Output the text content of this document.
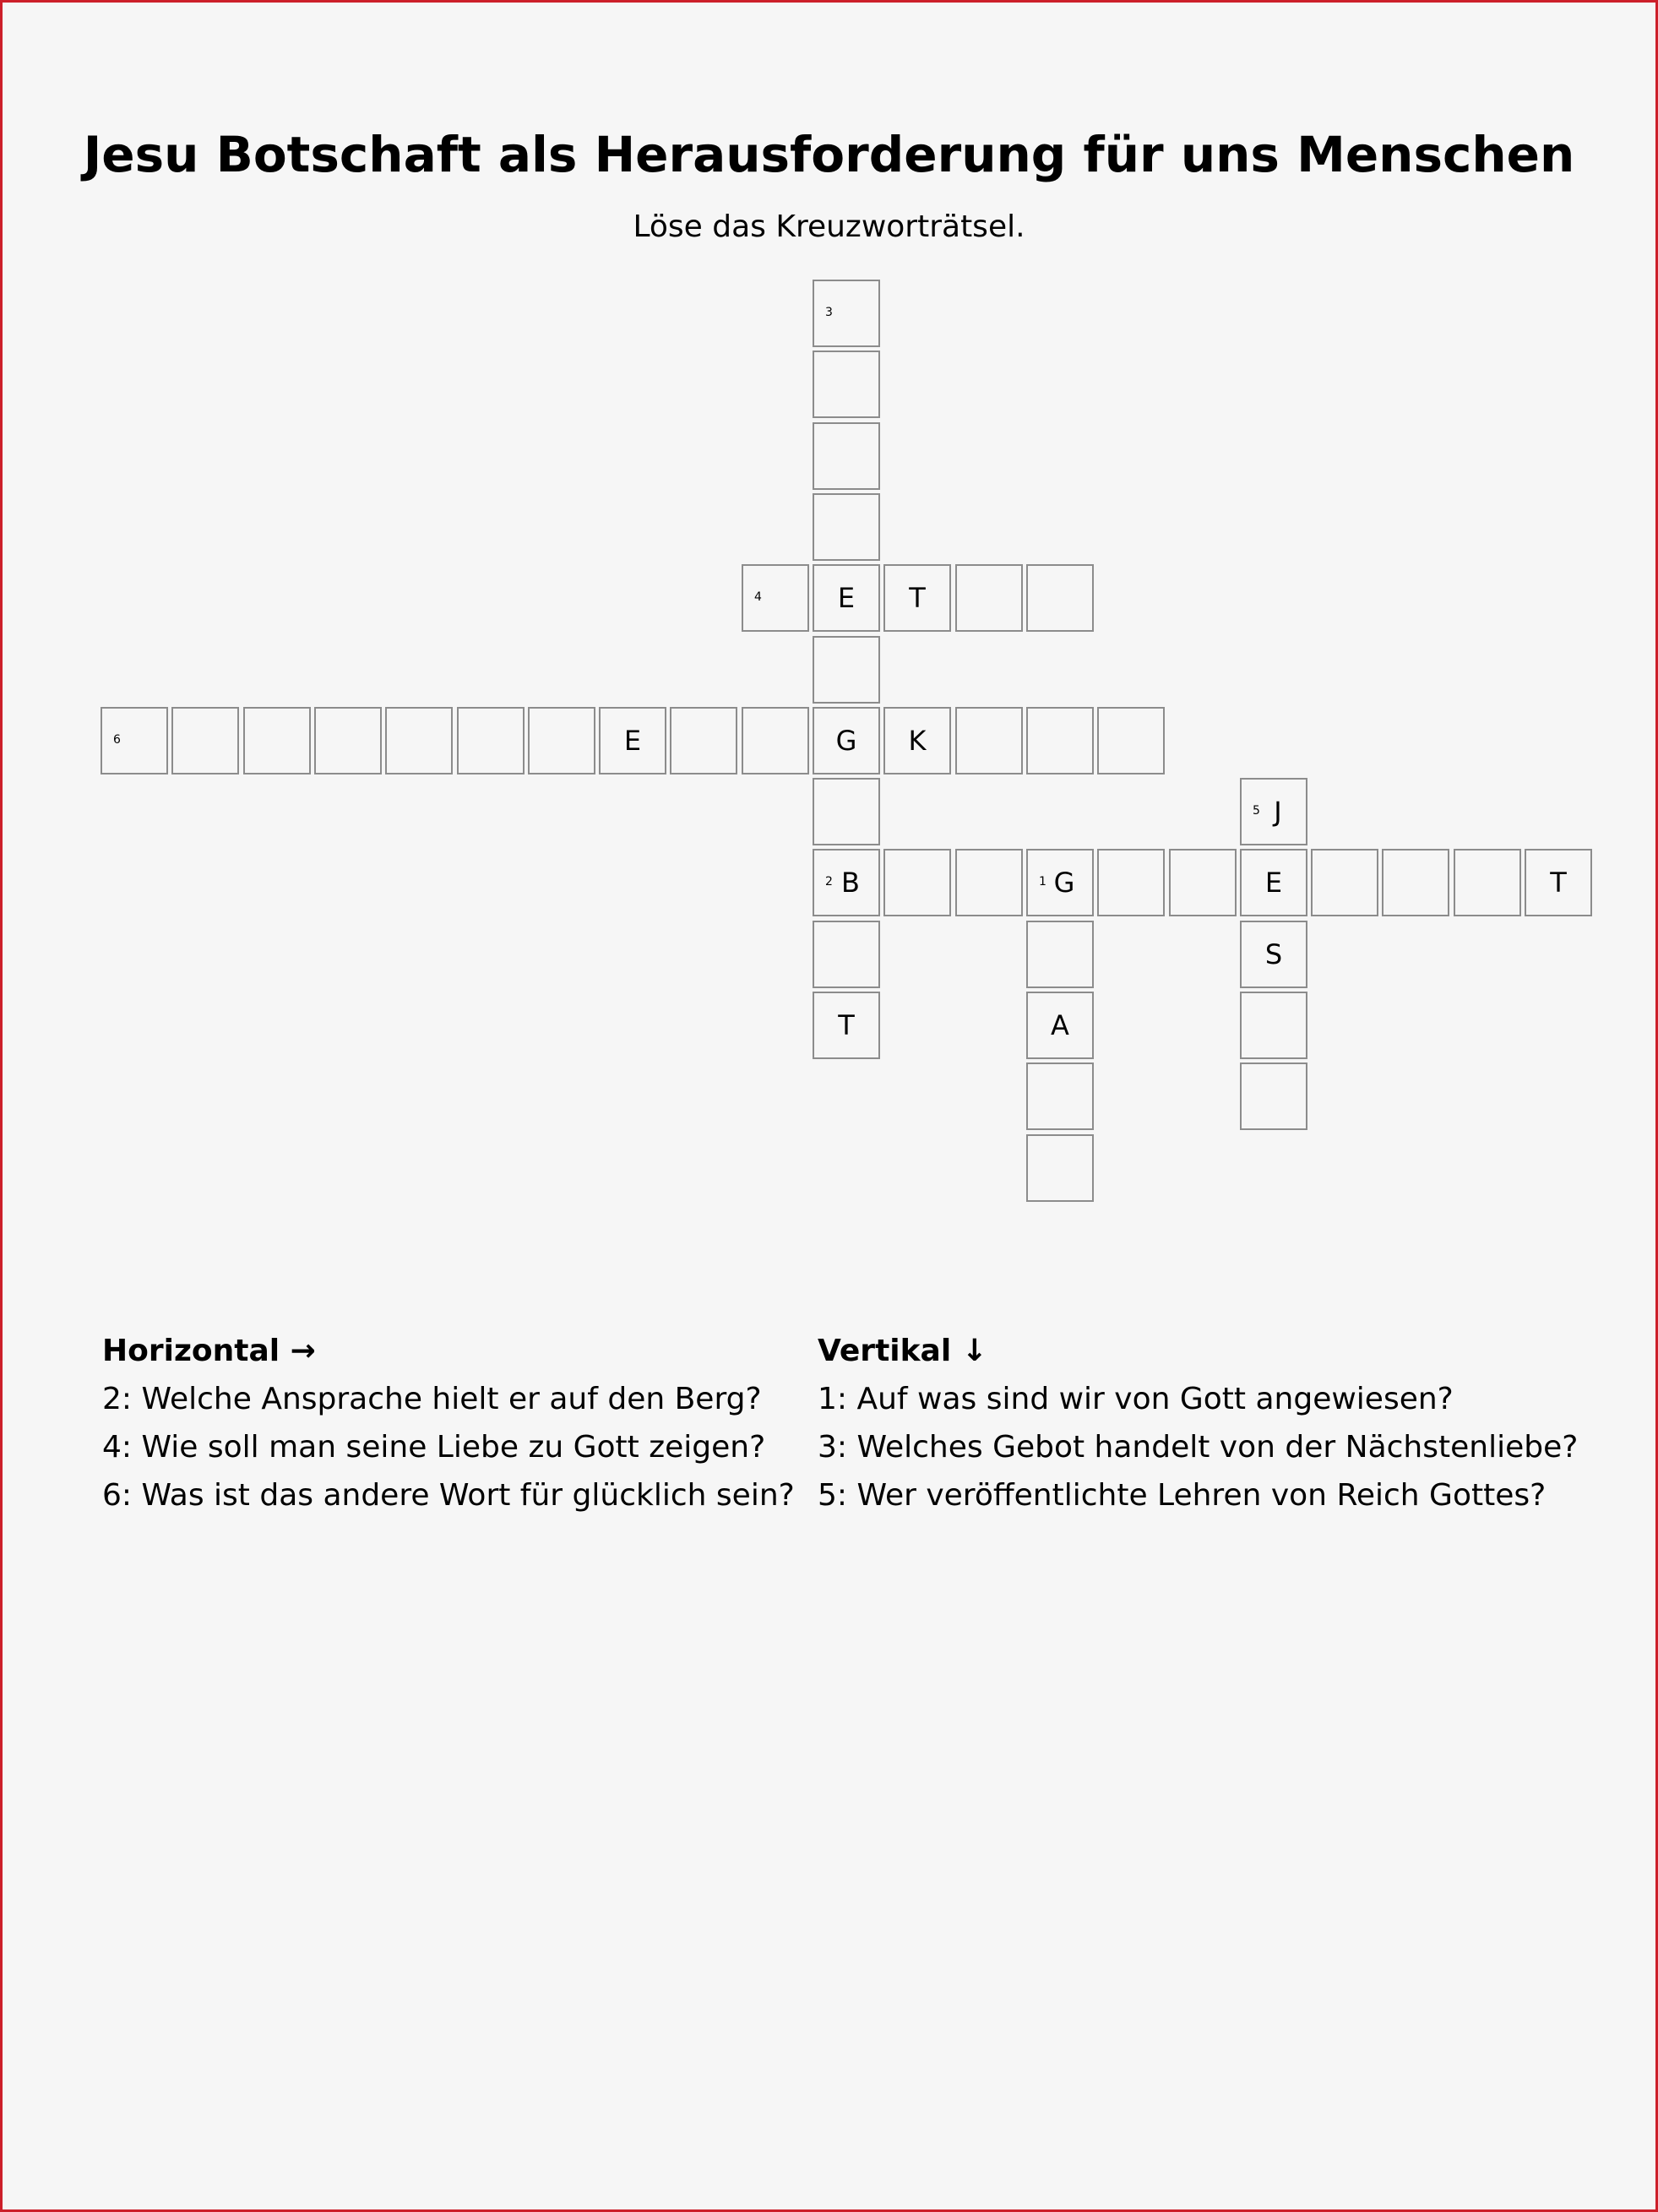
Jesu Botschaft als Herausforderung für uns Menschen
Löse das Kreuzworträtsel.
3
4	E	T
6	E	G	K
5 J
2 B	1 G	E	T
S
T	A
Horizontal →
2: Welche Ansprache hielt er auf den Berg?
4: Wie soll man seine Liebe zu Gott zeigen?
6: Was ist das andere Wort für glücklich sein?
Vertikal ↓
1: Auf was sind wir von Gott angewiesen?
3: Welches Gebot handelt von der Nächstenliebe?
5: Wer veröffentlichte Lehren von Reich Gottes?
